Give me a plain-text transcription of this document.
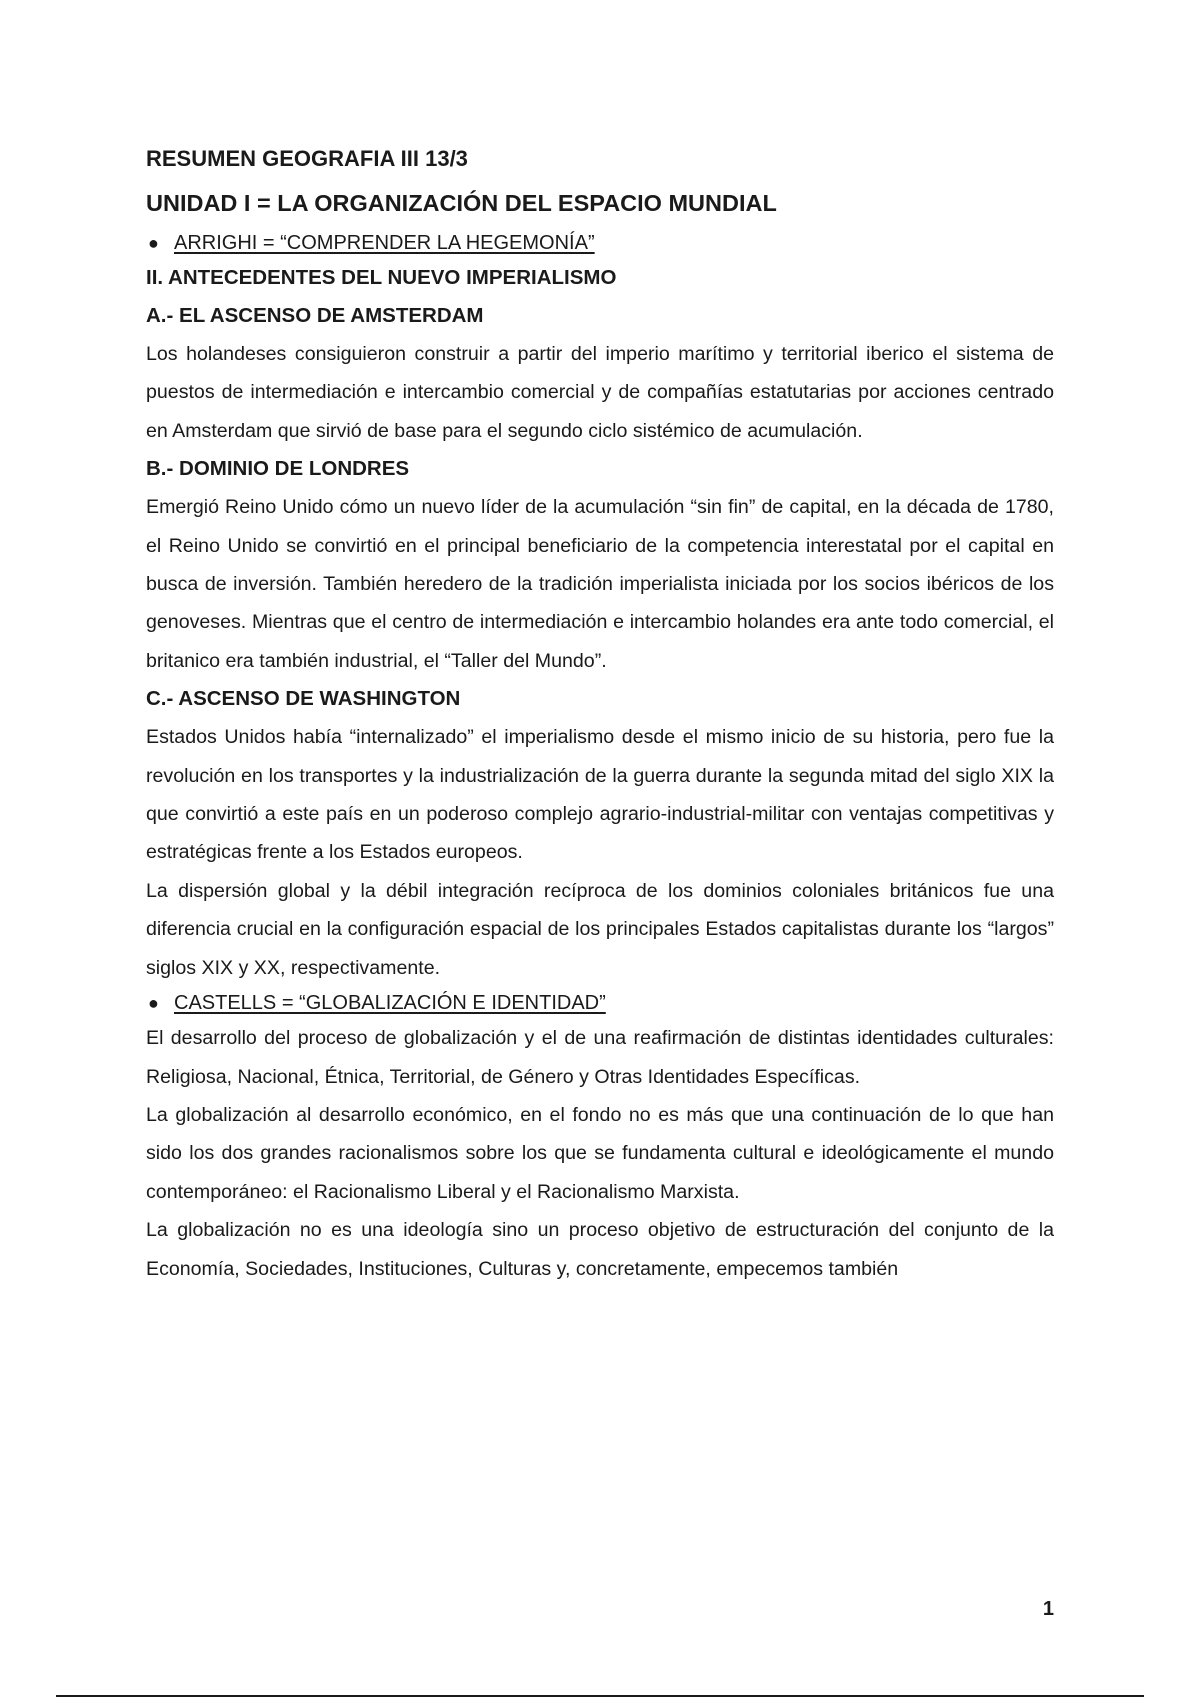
RESUMEN GEOGRAFIA III 13/3

UNIDAD I = LA ORGANIZACIÓN DEL ESPACIO MUNDIAL

● ARRIGHI = “COMPRENDER LA HEGEMONÍA”

II. ANTECEDENTES DEL NUEVO IMPERIALISMO

A.- EL ASCENSO DE AMSTERDAM

Los holandeses consiguieron construir a partir del imperio marítimo y territorial iberico el sistema de puestos de intermediación e intercambio comercial y de compañías estatutarias por acciones centrado en Amsterdam que sirvió de base para el segundo ciclo sistémico de acumulación.

B.- DOMINIO DE LONDRES

Emergió Reino Unido cómo un nuevo líder de la acumulación “sin fin” de capital, en la década de 1780, el Reino Unido se convirtió en el principal beneficiario de la competencia interestatal por el capital en busca de inversión. También heredero de la tradición imperialista iniciada por los socios ibéricos de los genoveses. Mientras que el centro de intermediación e intercambio holandes era ante todo comercial, el britanico era también industrial, el “Taller del Mundo”.

C.- ASCENSO DE WASHINGTON

Estados Unidos había “internalizado” el imperialismo desde el mismo inicio de su historia, pero fue la revolución en los transportes y la industrialización de la guerra durante la segunda mitad del siglo XIX la que convirtió a este país en un poderoso complejo agrario-industrial-militar con ventajas competitivas y estratégicas frente a los Estados europeos.

La dispersión global y la débil integración recíproca de los dominios coloniales británicos fue una diferencia crucial en la configuración espacial de los principales Estados capitalistas durante los “largos” siglos XIX y XX, respectivamente.

● CASTELLS = “GLOBALIZACIÓN E IDENTIDAD”

El desarrollo del proceso de globalización y el de una reafirmación de distintas identidades culturales: Religiosa, Nacional, Étnica, Territorial, de Género y Otras Identidades Específicas.

La globalización al desarrollo económico, en el fondo no es más que una continuación de lo que han sido los dos grandes racionalismos sobre los que se fundamenta cultural e ideológicamente el mundo contemporáneo: el Racionalismo Liberal y el Racionalismo Marxista.

La globalización no es una ideología sino un proceso objetivo de estructuración del conjunto de la Economía, Sociedades, Instituciones, Culturas y, concretamente, empecemos también

1
